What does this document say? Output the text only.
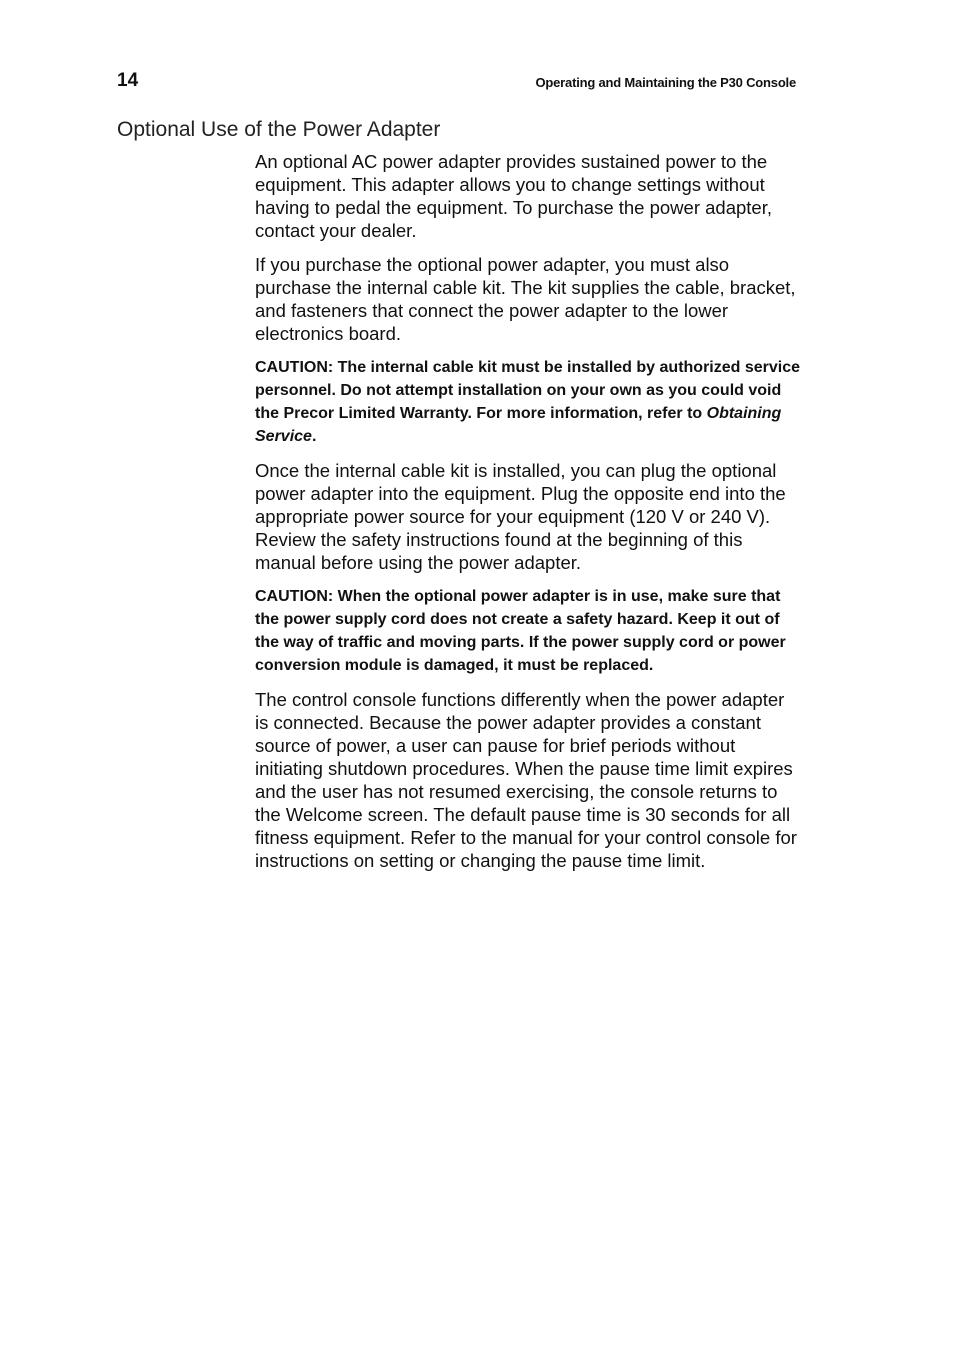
14	Operating and Maintaining the P30 Console
Optional Use of the Power Adapter

An optional AC power adapter provides sustained power to the equipment. This adapter allows you to change settings without having to pedal the equipment. To purchase the power adapter, contact your dealer.

If you purchase the optional power adapter, you must also purchase the internal cable kit. The kit supplies the cable, bracket, and fasteners that connect the power adapter to the lower electronics board.

CAUTION: The internal cable kit must be installed by authorized service personnel. Do not attempt installation on your own as you could void the Precor Limited Warranty. For more information, refer to Obtaining Service.

Once the internal cable kit is installed, you can plug the optional power adapter into the equipment. Plug the opposite end into the appropriate power source for your equipment (120 V or 240 V). Review the safety instructions found at the beginning of this manual before using the power adapter.

CAUTION: When the optional power adapter is in use, make sure that the power supply cord does not create a safety hazard. Keep it out of the way of traffic and moving parts. If the power supply cord or power conversion module is damaged, it must be replaced.

The control console functions differently when the power adapter is connected. Because the power adapter provides a constant source of power, a user can pause for brief periods without initiating shutdown procedures. When the pause time limit expires and the user has not resumed exercising, the console returns to the Welcome screen. The default pause time is 30 seconds for all fitness equipment. Refer to the manual for your control console for instructions on setting or changing the pause time limit.
